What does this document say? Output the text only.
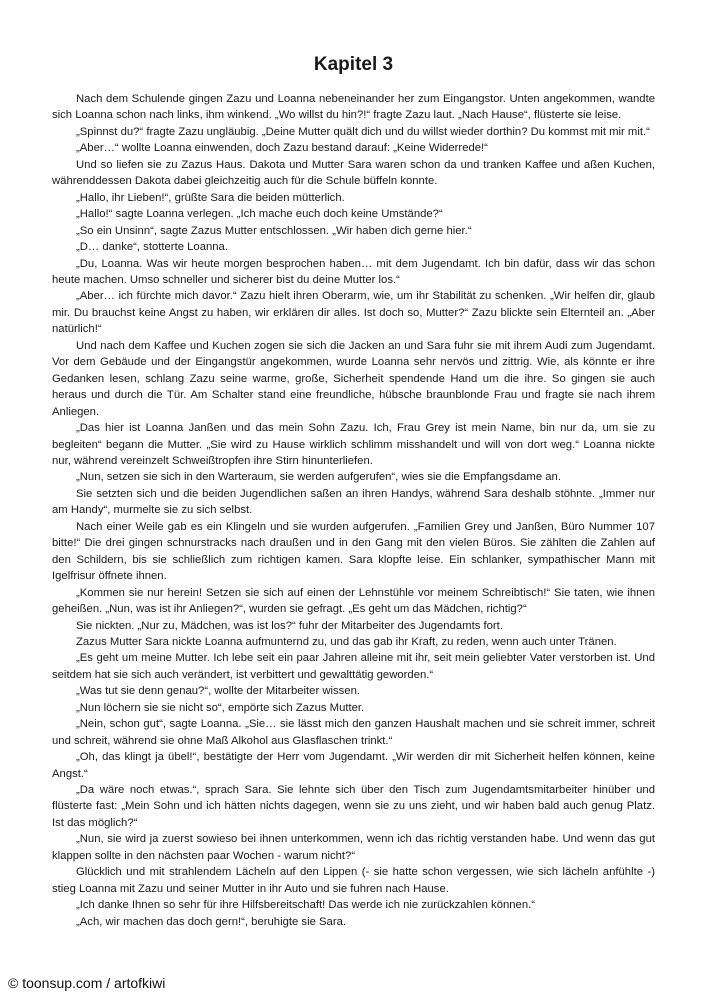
Kapitel 3

Nach dem Schulende gingen Zazu und Loanna nebeneinander her zum Eingangstor. Unten angekommen, wandte sich Loanna schon nach links, ihm winkend. „Wo willst du hin?!“ fragte Zazu laut. „Nach Hause“, flüsterte sie leise.

„Spinnst du?“ fragte Zazu ungläubig. „Deine Mutter quält dich und du willst wieder dorthin? Du kommst mit mir mit.“

„Aber…“ wollte Loanna einwenden, doch Zazu bestand darauf: „Keine Widerrede!“

Und so liefen sie zu Zazus Haus. Dakota und Mutter Sara waren schon da und tranken Kaffee und aßen Kuchen, währenddessen Dakota dabei gleichzeitig auch für die Schule büffeln konnte.

„Hallo, ihr Lieben!“, grüßte Sara die beiden mütterlich.

„Hallo!“ sagte Loanna verlegen. „Ich mache euch doch keine Umstände?“

„So ein Unsinn“, sagte Zazus Mutter entschlossen. „Wir haben dich gerne hier.“

„D… danke“, stotterte Loanna.

„Du, Loanna. Was wir heute morgen besprochen haben… mit dem Jugendamt. Ich bin dafür, dass wir das schon heute machen. Umso schneller und sicherer bist du deine Mutter los.“

„Aber… ich fürchte mich davor.“ Zazu hielt ihren Oberarm, wie, um ihr Stabilität zu schenken. „Wir helfen dir, glaub mir. Du brauchst keine Angst zu haben, wir erklären dir alles. Ist doch so, Mutter?“ Zazu blickte sein Elternteil an. „Aber natürlich!“

Und nach dem Kaffee und Kuchen zogen sie sich die Jacken an und Sara fuhr sie mit ihrem Audi zum Jugendamt. Vor dem Gebäude und der Eingangstür angekommen, wurde Loanna sehr nervös und zittrig. Wie, als könnte er ihre Gedanken lesen, schlang Zazu seine warme, große, Sicherheit spendende Hand um die ihre. So gingen sie auch heraus und durch die Tür. Am Schalter stand eine freundliche, hübsche braunblonde Frau und fragte sie nach ihrem Anliegen.

„Das hier ist Loanna Janßen und das mein Sohn Zazu. Ich, Frau Grey ist mein Name, bin nur da, um sie zu begleiten“ begann die Mutter. „Sie wird zu Hause wirklich schlimm misshandelt und will von dort weg.“ Loanna nickte nur, während vereinzelt Schweißtropfen ihre Stirn hinunterliefen.

„Nun, setzen sie sich in den Warteraum, sie werden aufgerufen“, wies sie die Empfangsdame an.

Sie setzten sich und die beiden Jugendlichen saßen an ihren Handys, während Sara deshalb stöhnte. „Immer nur am Handy“, murmelte sie zu sich selbst.

Nach einer Weile gab es ein Klingeln und sie wurden aufgerufen. „Familien Grey und Janßen, Büro Nummer 107 bitte!“ Die drei gingen schnurstracks nach draußen und in den Gang mit den vielen Büros. Sie zählten die Zahlen auf den Schildern, bis sie schließlich zum richtigen kamen. Sara klopfte leise. Ein schlanker, sympathischer Mann mit Igelfrisur öffnete ihnen.

„Kommen sie nur herein! Setzen sie sich auf einen der Lehnstühle vor meinem Schreibtisch!“ Sie taten, wie ihnen geheißen. „Nun, was ist ihr Anliegen?“, wurden sie gefragt. „Es geht um das Mädchen, richtig?“

Sie nickten. „Nur zu, Mädchen, was ist los?“ fuhr der Mitarbeiter des Jugendamts fort.

Zazus Mutter Sara nickte Loanna aufmunternd zu, und das gab ihr Kraft, zu reden, wenn auch unter Tränen.

„Es geht um meine Mutter. Ich lebe seit ein paar Jahren alleine mit ihr, seit mein geliebter Vater verstorben ist. Und seitdem hat sie sich auch verändert, ist verbittert und gewalttätig geworden.“

„Was tut sie denn genau?“, wollte der Mitarbeiter wissen.

„Nun löchern sie sie nicht so“, empörte sich Zazus Mutter.

„Nein, schon gut“, sagte Loanna. „Sie… sie lässt mich den ganzen Haushalt machen und sie schreit immer, schreit und schreit, während sie ohne Maß Alkohol aus Glasflaschen trinkt.“

„Oh, das klingt ja übel!“, bestätigte der Herr vom Jugendamt. „Wir werden dir mit Sicherheit helfen können, keine Angst.“

„Da wäre noch etwas.“, sprach Sara. Sie lehnte sich über den Tisch zum Jugendamtsmitarbeiter hinüber und flüsterte fast: „Mein Sohn und ich hätten nichts dagegen, wenn sie zu uns zieht, und wir haben bald auch genug Platz. Ist das möglich?“

„Nun, sie wird ja zuerst sowieso bei ihnen unterkommen, wenn ich das richtig verstanden habe. Und wenn das gut klappen sollte in den nächsten paar Wochen - warum nicht?“

Glücklich und mit strahlendem Lächeln auf den Lippen (- sie hatte schon vergessen, wie sich lächeln anfühlte -) stieg Loanna mit Zazu und seiner Mutter in ihr Auto und sie fuhren nach Hause.

„Ich danke Ihnen so sehr für ihre Hilfsbereitschaft! Das werde ich nie zurückzahlen können.“

„Ach, wir machen das doch gern!“, beruhigte sie Sara.

© toonsup.com / artofkiwi
